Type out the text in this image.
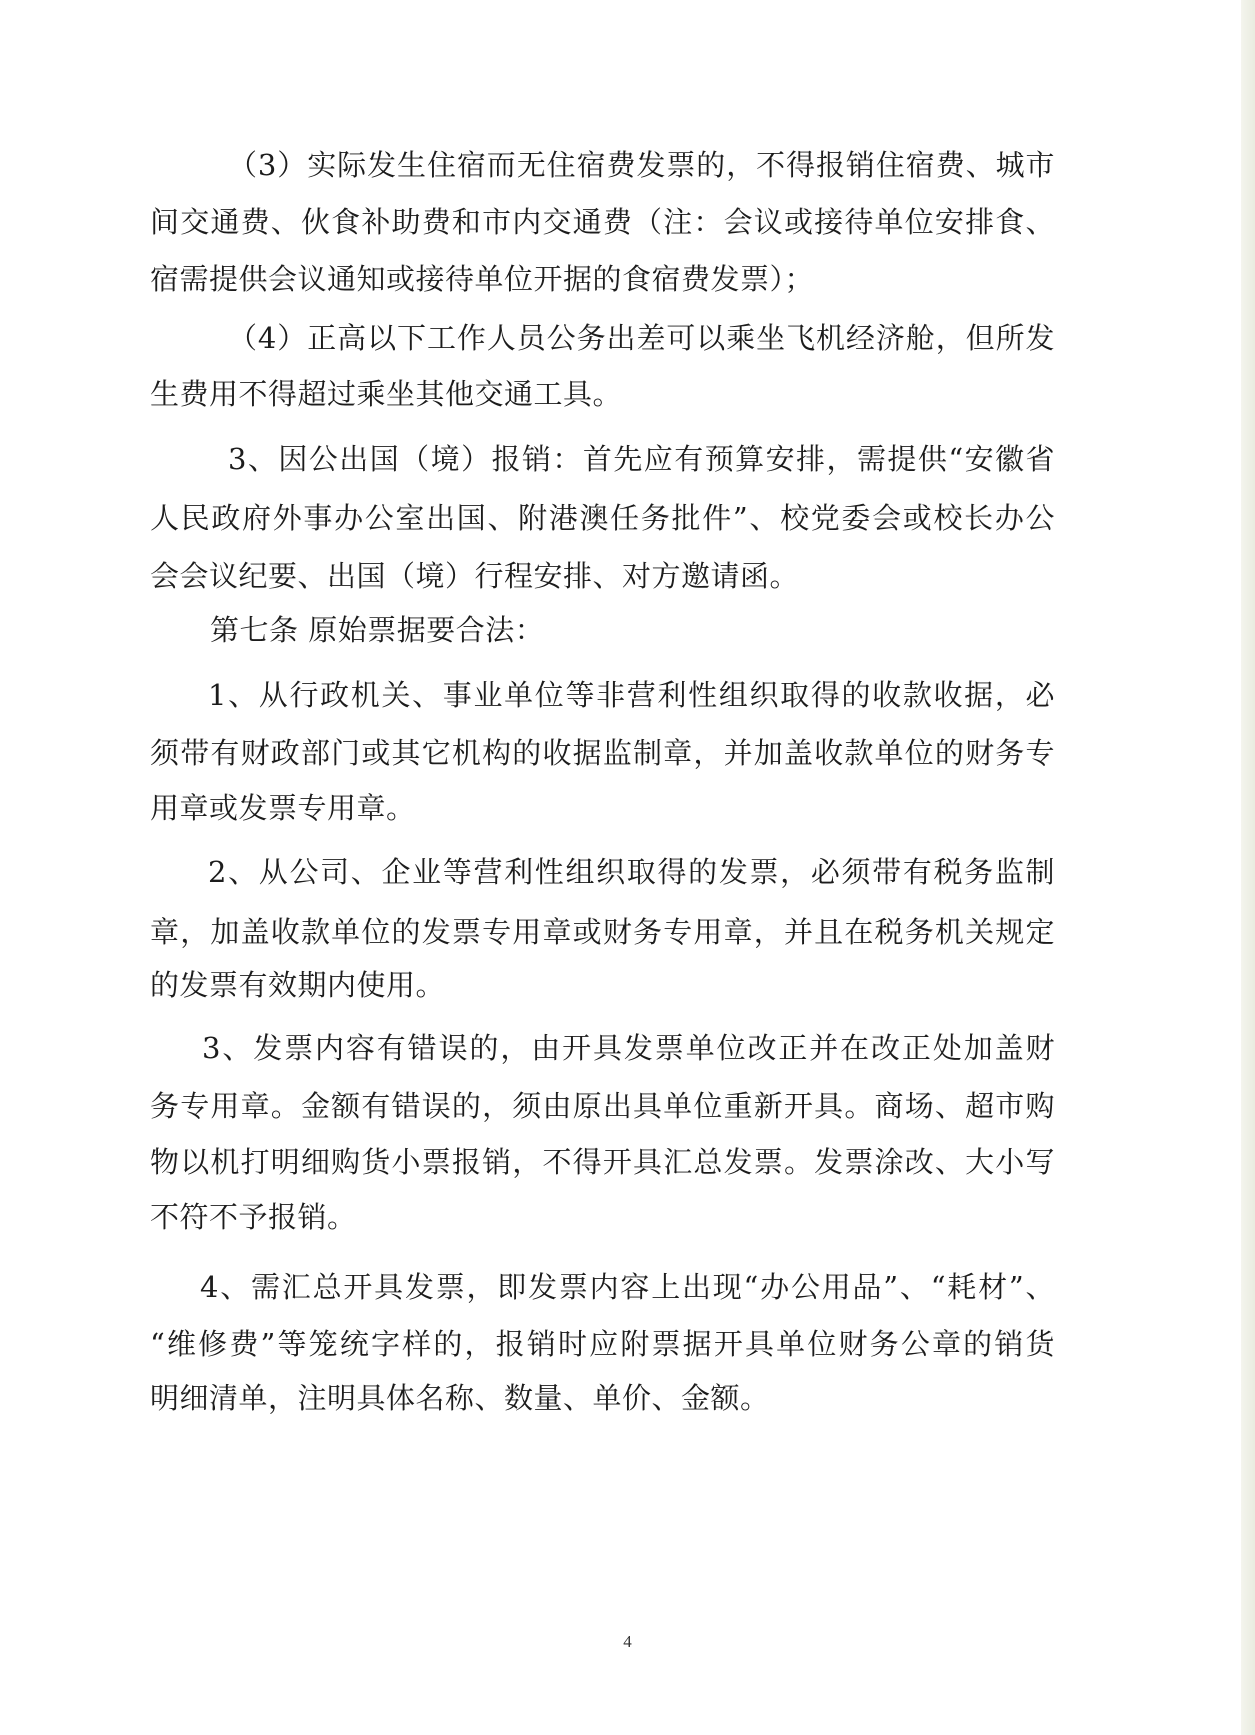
（3）实际发生住宿而无住宿费发票的，不得报销住宿费、城市
间交通费、伙食补助费和市内交通费（注：会议或接待单位安排食、
宿需提供会议通知或接待单位开据的食宿费发票）；
（4）正高以下工作人员公务出差可以乘坐飞机经济舱，但所发
生费用不得超过乘坐其他交通工具。
3、因公出国（境）报销：首先应有预算安排，需提供“安徽省
人民政府外事办公室出国、附港澳任务批件”、校党委会或校长办公
会会议纪要、出国（境）行程安排、对方邀请函。
第七条 原始票据要合法：
1、从行政机关、事业单位等非营利性组织取得的收款收据，必
须带有财政部门或其它机构的收据监制章，并加盖收款单位的财务专
用章或发票专用章。
2、从公司、企业等营利性组织取得的发票，必须带有税务监制
章，加盖收款单位的发票专用章或财务专用章，并且在税务机关规定
的发票有效期内使用。
3、发票内容有错误的，由开具发票单位改正并在改正处加盖财
务专用章。金额有错误的，须由原出具单位重新开具。商场、超市购
物以机打明细购货小票报销，不得开具汇总发票。发票涂改、大小写
不符不予报销。
4、需汇总开具发票，即发票内容上出现“办公用品”、“耗材”、
“维修费”等笼统字样的，报销时应附票据开具单位财务公章的销货
明细清单，注明具体名称、数量、单价、金额。
4
